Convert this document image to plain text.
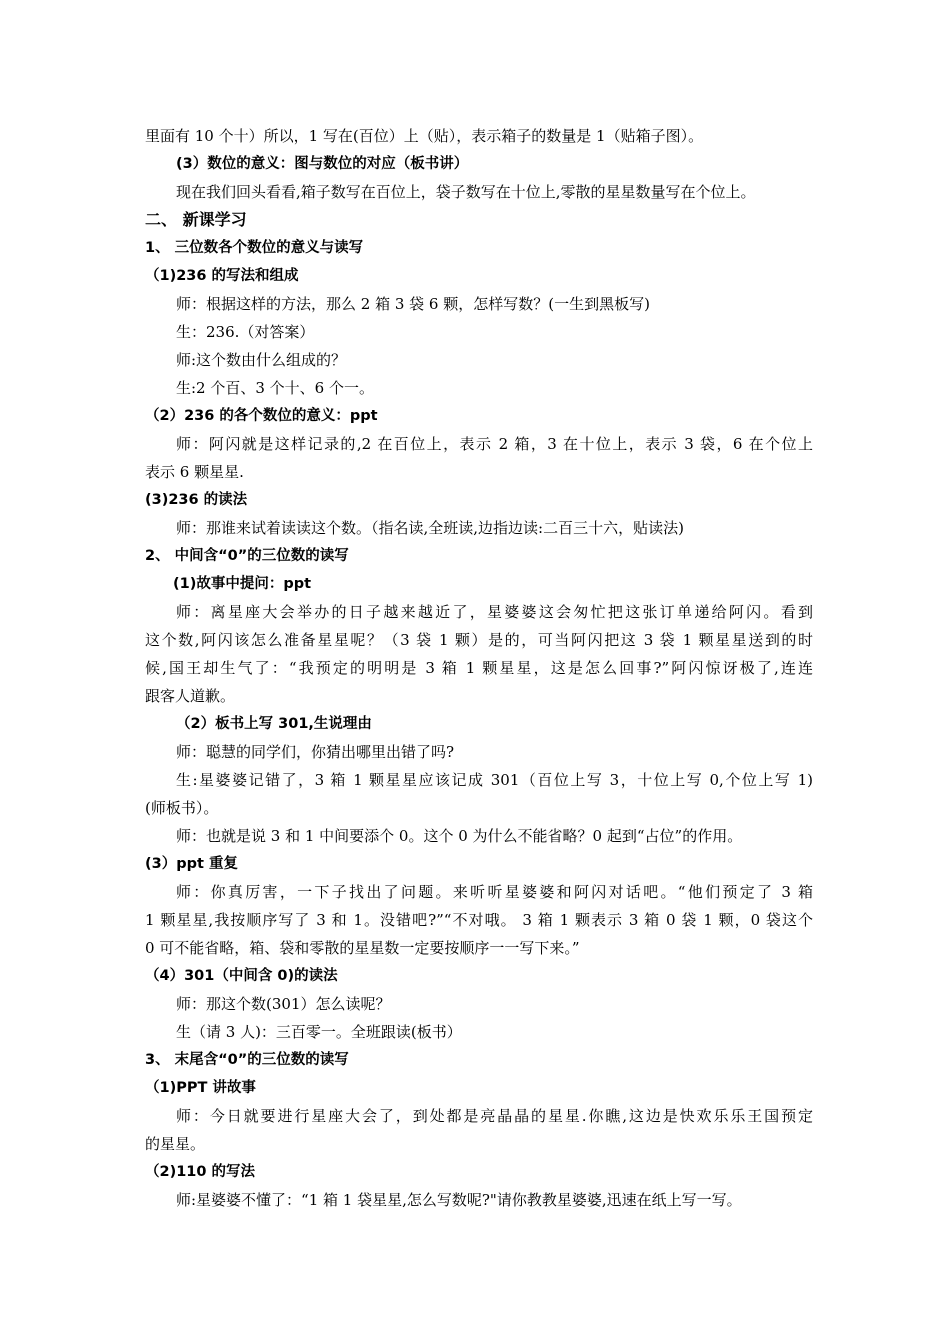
里面有 10 个十）所以，1 写在(百位）上（贴），表示箱子的数量是 1（贴箱子图）。
(3）数位的意义：图与数位的对应（板书讲）
现在我们回头看看,箱子数写在百位上，袋子数写在十位上,零散的星星数量写在个位上。
二、 新课学习
1、 三位数各个数位的意义与读写
（1)236 的写法和组成
师：根据这样的方法，那么 2 箱 3 袋 6 颗，怎样写数？(一生到黑板写)
生：236.（对答案）
师:这个数由什么组成的？
生:2 个百、3 个十、6 个一。
（2）236 的各个数位的意义：ppt
师：阿闪就是这样记录的,2 在百位上，表示 2 箱，3 在十位上，表示 3 袋，6 在个位上
表示 6 颗星星.
(3)236 的读法
师：那谁来试着读读这个数。（指名读,全班读,边指边读:二百三十六，贴读法)
2、 中间含“0”的三位数的读写
(1)故事中提问：ppt
师：离星座大会举办的日子越来越近了，星婆婆这会匆忙把这张订单递给阿闪。看到
这个数,阿闪该怎么准备星星呢？（3 袋 1 颗）是的，可当阿闪把这 3 袋 1 颗星星送到的时
候,国王却生气了：“我预定的明明是 3 箱 1 颗星星，这是怎么回事?”阿闪惊讶极了,连连
跟客人道歉。
（2）板书上写 301,生说理由
师：聪慧的同学们，你猜出哪里出错了吗?
生:星婆婆记错了，3 箱 1 颗星星应该记成 301（百位上写 3，十位上写 0,个位上写 1)
(师板书）。
师：也就是说 3 和 1 中间要添个 0。这个 0 为什么不能省略？0 起到“占位”的作用。
(3）ppt 重复
师：你真厉害，一下子找出了问题。来听听星婆婆和阿闪对话吧。“他们预定了 3 箱
1 颗星星,我按顺序写了 3 和 1。没错吧?”“不对哦。 3 箱 1 颗表示 3 箱 0 袋 1 颗，0 袋这个
0 可不能省略，箱、袋和零散的星星数一定要按顺序一一写下来。”
（4）301（中间含 0)的读法
师：那这个数(301）怎么读呢？
生（请 3 人)：三百零一。全班跟读(板书）
3、 末尾含“0”的三位数的读写
（1)PPT 讲故事
师：今日就要进行星座大会了，到处都是亮晶晶的星星.你瞧,这边是快欢乐乐王国预定
的星星。
（2)110 的写法
师:星婆婆不懂了：“1 箱 1 袋星星,怎么写数呢?"请你教教星婆婆,迅速在纸上写一写。
